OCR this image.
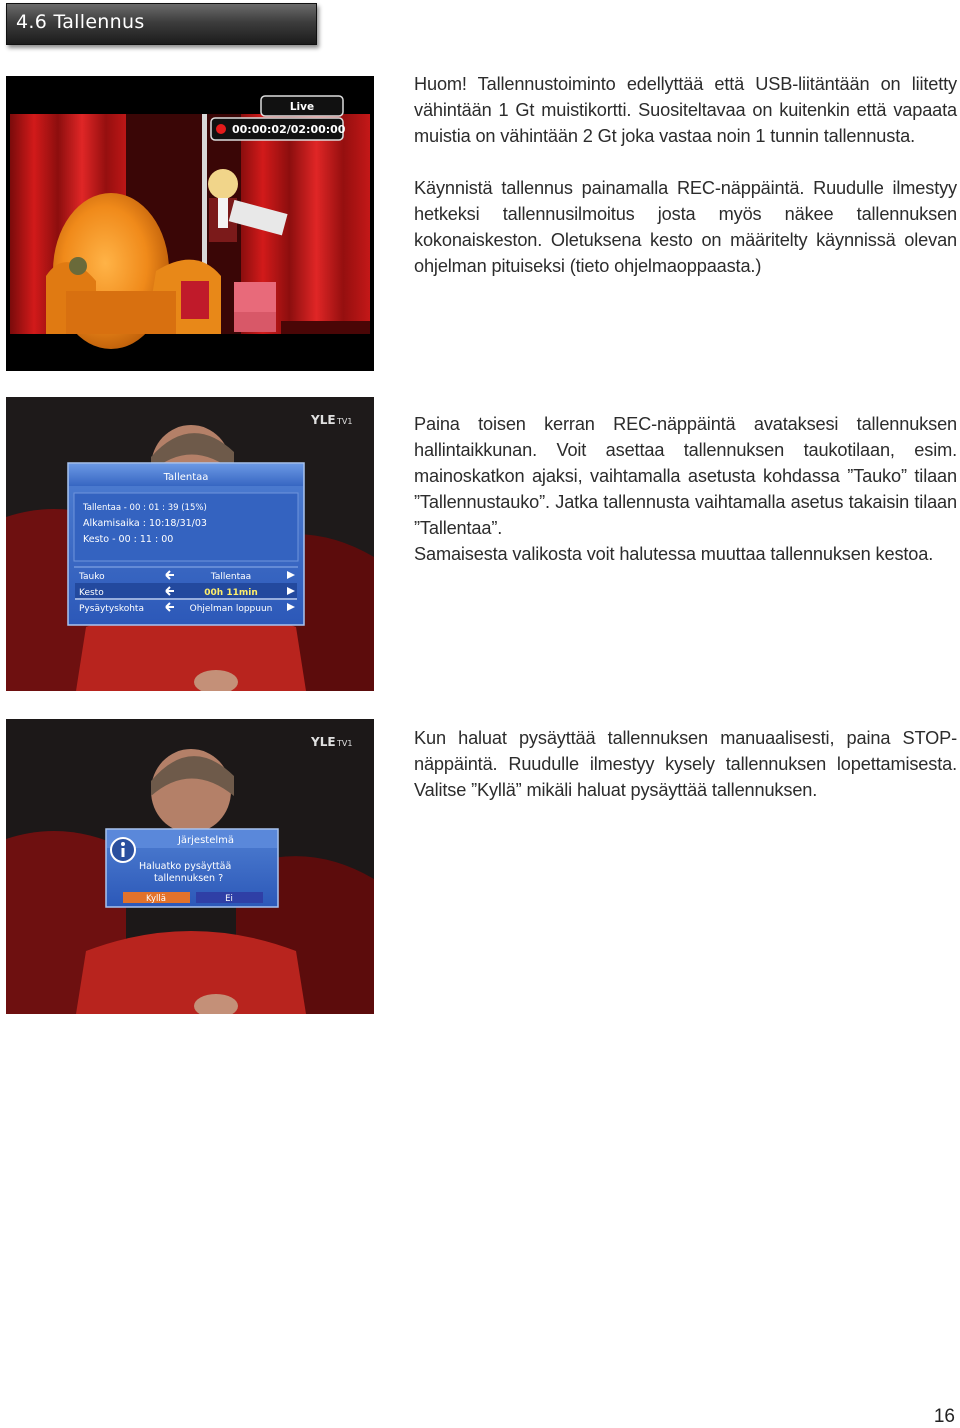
4.6 Tallennus
Live
00:00:02/02:00:00
YLE TV1
Tallentaa
Tallentaa - 00 : 01 : 39 (15%)
Alkamisaika : 10:18/31/03
Kesto - 00 : 11 : 00
Tauko	Tallentaa
Kesto	00h 11min
Pysäytyskohta	Ohjelman loppuun
YLE TV1
Järjestelmä
Haluatko pysäyttää
tallennuksen ?
Kyllä	Ei

Huom! Tallennustoiminto edellyttää että USB-liitäntään on liitetty vähintään 1 Gt muistikortti. Suositeltavaa on kuitenkin että vapaata muistia on vähintään 2 Gt joka vastaa noin 1 tunnin tallennusta.

Käynnistä tallennus painamalla REC-näppäintä. Ruudulle ilmestyy hetkeksi tallennusilmoitus josta myös näkee tallennuksen kokonaiskeston. Oletuksena kesto on määritelty käynnissä olevan ohjelman pituiseksi (tieto ohjelmaoppaasta.)

Paina toisen kerran REC-näppäintä avataksesi tallennuksen hallintaikkunan. Voit asettaa tallennuksen taukotilaan, esim. mainoskatkon ajaksi, vaihtamalla asetusta kohdassa ”Tauko” tilaan ”Tallennustauko”. Jatka tallennusta vaihtamalla asetus takaisin tilaan ”Tallentaa”.

Samaisesta valikosta voit halutessa muuttaa tallennuksen kestoa.

Kun haluat pysäyttää tallennuksen manuaalisesti, paina STOP-näppäintä. Ruudulle ilmestyy kysely tallennuksen lopettamisesta. Valitse ”Kyllä” mikäli haluat pysäyttää tallennuksen.

16
